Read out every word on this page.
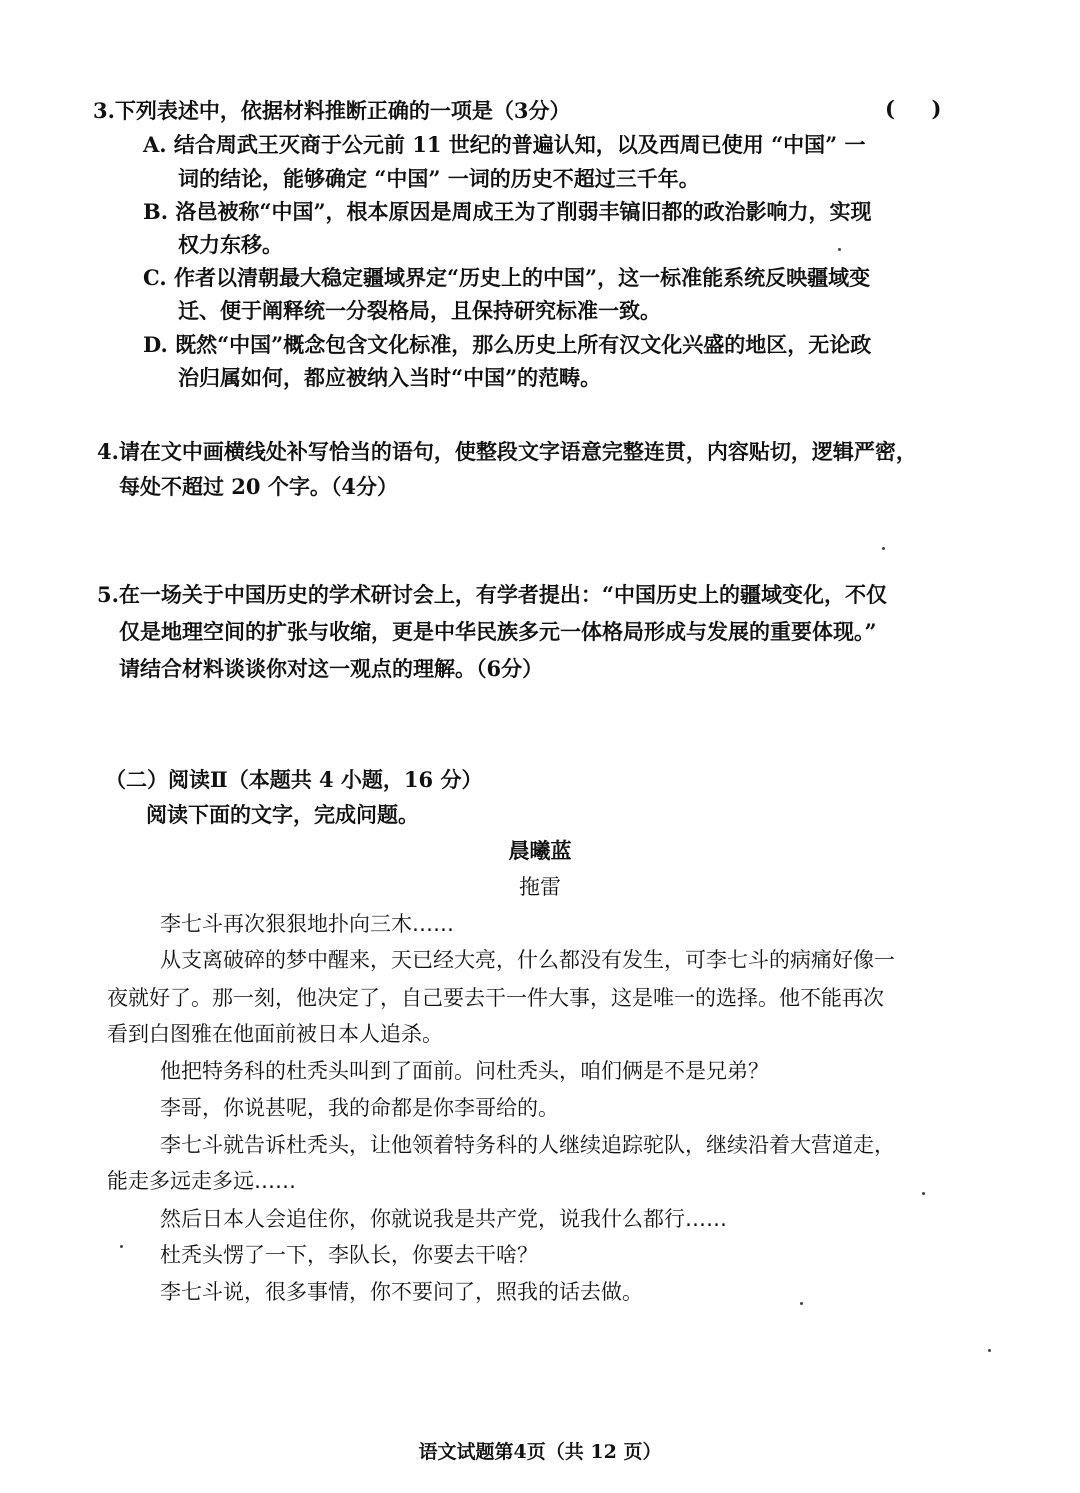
3.下列表述中，依据材料推断正确的一项是（3分）	(     )
A. 结合周武王灭商于公元前 11 世纪的普遍认知，以及西周已使用 “中国” 一
词的结论，能够确定 “中国” 一词的历史不超过三千年。
B. 洛邑被称“中国”，根本原因是周成王为了削弱丰镐旧都的政治影响力，实现
权力东移。
C. 作者以清朝最大稳定疆域界定“历史上的中国”，这一标准能系统反映疆域变
迁、便于阐释统一分裂格局，且保持研究标准一致。
D. 既然“中国”概念包含文化标准，那么历史上所有汉文化兴盛的地区，无论政
治归属如何，都应被纳入当时“中国”的范畴。
4.请在文中画横线处补写恰当的语句，使整段文字语意完整连贯，内容贴切，逻辑严密，
每处不超过 20 个字。（4分）
5.在一场关于中国历史的学术研讨会上，有学者提出：“中国历史上的疆域变化，不仅
仅是地理空间的扩张与收缩，更是中华民族多元一体格局形成与发展的重要体现。”
请结合材料谈谈你对这一观点的理解。（6分）
（二）阅读Ⅱ（本题共 4 小题，16 分）
阅读下面的文字，完成问题。
晨曦蓝
拖雷
李七斗再次狠狠地扑向三木……
从支离破碎的梦中醒来，天已经大亮，什么都没有发生，可李七斗的病痛好像一
夜就好了。那一刻，他决定了，自己要去干一件大事，这是唯一的选择。他不能再次
看到白图雅在他面前被日本人追杀。
他把特务科的杜秃头叫到了面前。问杜秃头，咱们俩是不是兄弟？
李哥，你说甚呢，我的命都是你李哥给的。
李七斗就告诉杜秃头，让他领着特务科的人继续追踪驼队，继续沿着大营道走，
能走多远走多远……
然后日本人会追住你，你就说我是共产党，说我什么都行……
杜秃头愣了一下，李队长，你要去干啥？
李七斗说，很多事情，你不要问了，照我的话去做。
语文试题第4页（共 12 页）
